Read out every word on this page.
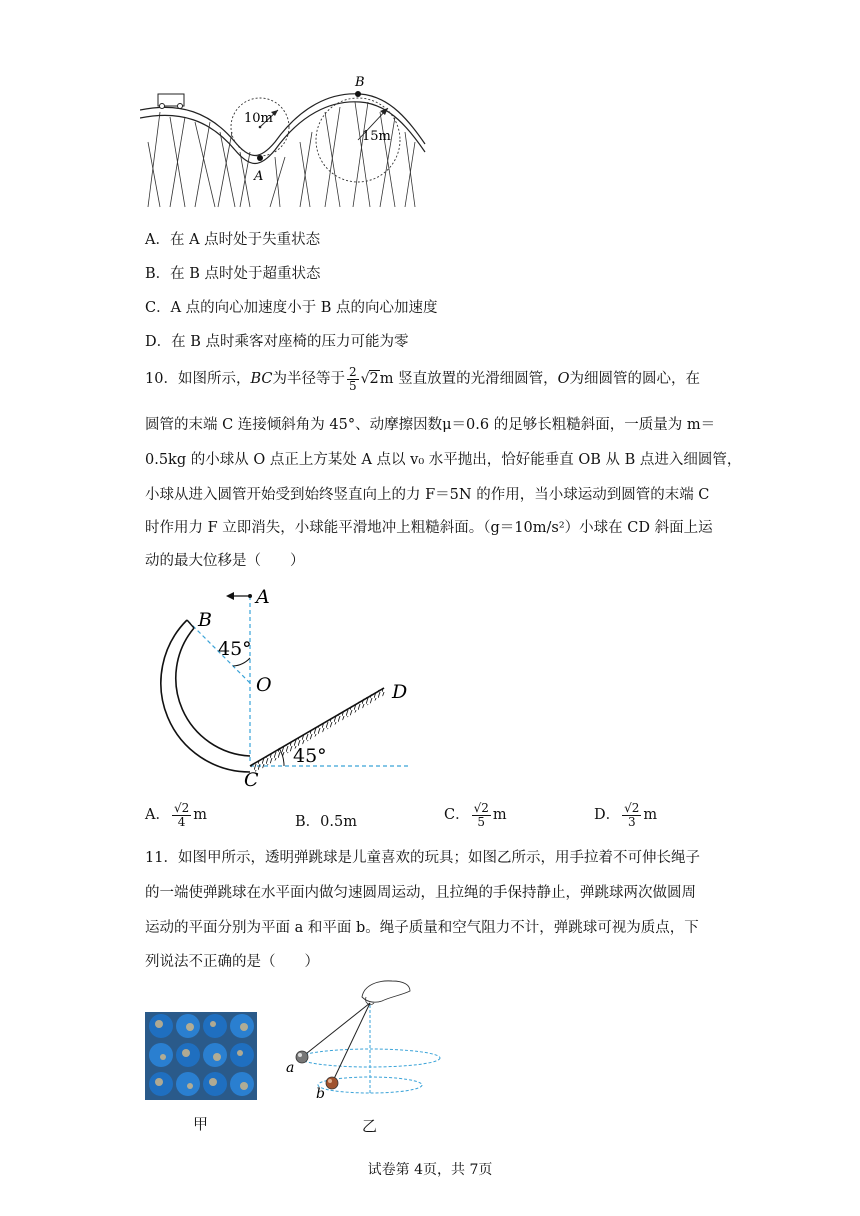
10m
15m
A
B
A．在 A 点时处于失重状态
B．在 B 点时处于超重状态
C．A 点的向心加速度小于 B 点的向心加速度
D．在 B 点时乘客对座椅的压力可能为零
10．如图所示， BC 为半径等于 $\frac{2}{5} √2$ m 竖直放置的光滑细圆管， O 为细圆管的圆心，在
圆管的末端 C 连接倾斜角为 45°、动摩擦因数μ＝0.6 的足够长粗糙斜面，一质量为 m＝
0.5kg 的小球从 O 点正上方某处 A 点以 v₀ 水平抛出，恰好能垂直 OB 从 B 点进入细圆管，
小球从进入圆管开始受到始终竖直向上的力 F＝5N 的作用，当小球运动到圆管的末端 C
时作用力 F 立即消失，小球能平滑地冲上粗糙斜面。（g＝10m/s²）小球在 CD 斜面上运
动的最大位移是（　　）
45°
45°
A
B
O
C
D
A． $\frac{√2}{4}$ m	B．0.5m	C． $\frac{√2}{5}$ m	D． $\frac{√2}{3}$ m
11．如图甲所示，透明弹跳球是儿童喜欢的玩具；如图乙所示，用手拉着不可伸长绳子
的一端使弹跳球在水平面内做匀速圆周运动，且拉绳的手保持静止，弹跳球两次做圆周
运动的平面分别为平面 a 和平面 b。绳子质量和空气阻力不计，弹跳球可视为质点，下
列说法不正确的是（　　）
a
b
甲	乙
试卷第 4页，共 7页
